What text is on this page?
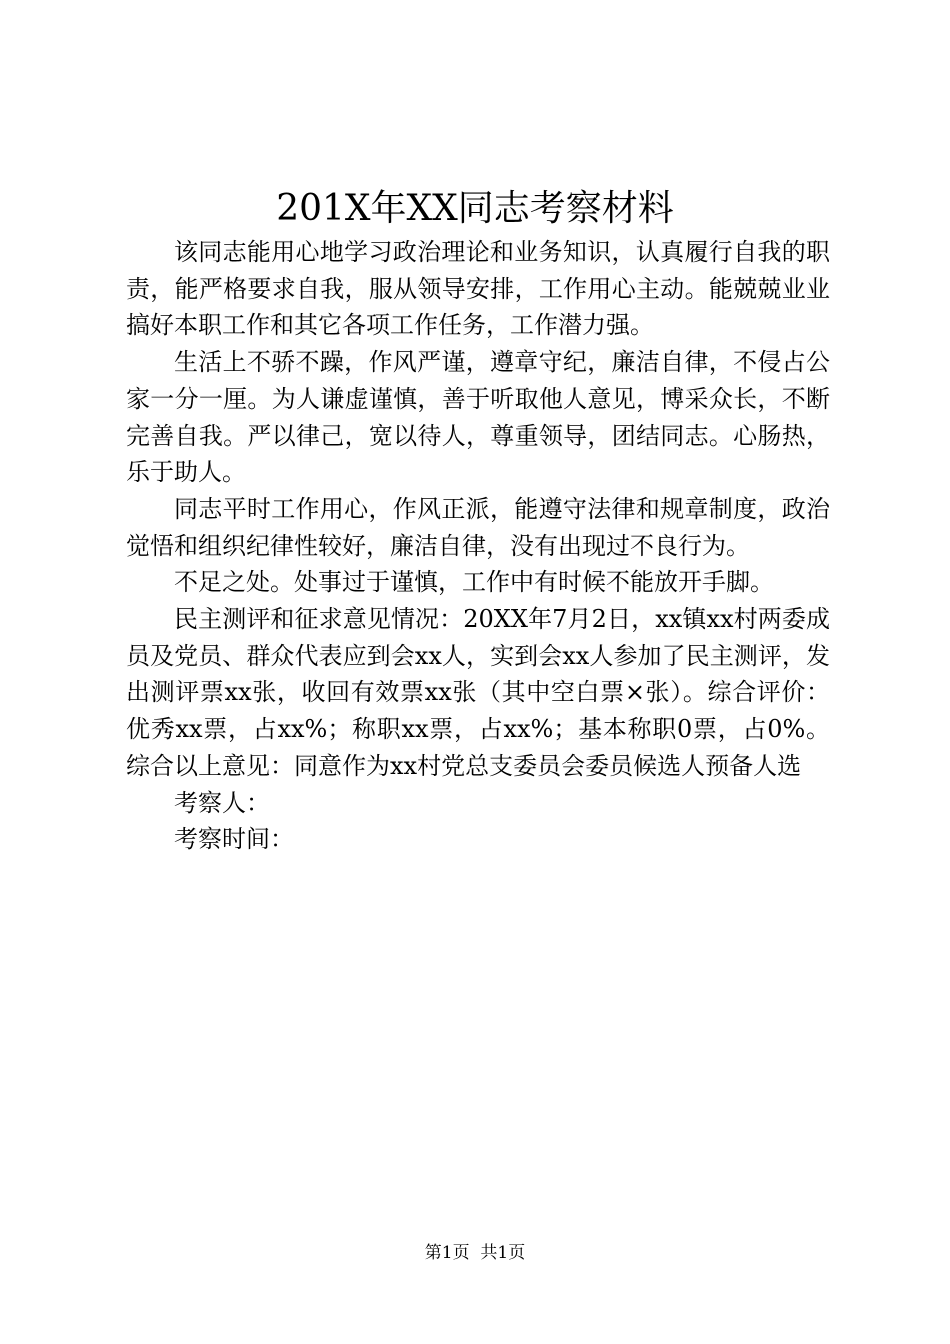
201X年XX同志考察材料

该同志能用心地学习政治理论和业务知识，认真履行自我的职责，能严格要求自我，服从领导安排，工作用心主动。能兢兢业业搞好本职工作和其它各项工作任务，工作潜力强。

生活上不骄不躁，作风严谨，遵章守纪，廉洁自律，不侵占公家一分一厘。为人谦虚谨慎，善于听取他人意见，博采众长，不断完善自我。严以律己，宽以待人，尊重领导，团结同志。心肠热，乐于助人。

同志平时工作用心，作风正派，能遵守法律和规章制度，政治觉悟和组织纪律性较好，廉洁自律，没有出现过不良行为。

不足之处。处事过于谨慎，工作中有时候不能放开手脚。

民主测评和征求意见情况：20XX年7月2日，xx镇xx村两委成员及党员、群众代表应到会xx人，实到会xx人参加了民主测评，发出测评票xx张，收回有效票xx张（其中空白票×张）。综合评价：优秀xx票，占xx%；称职xx票，占xx%；基本称职0票，占0%。综合以上意见：同意作为xx村党总支委员会委员候选人预备人选

考察人：

考察时间：

第1页 共1页
